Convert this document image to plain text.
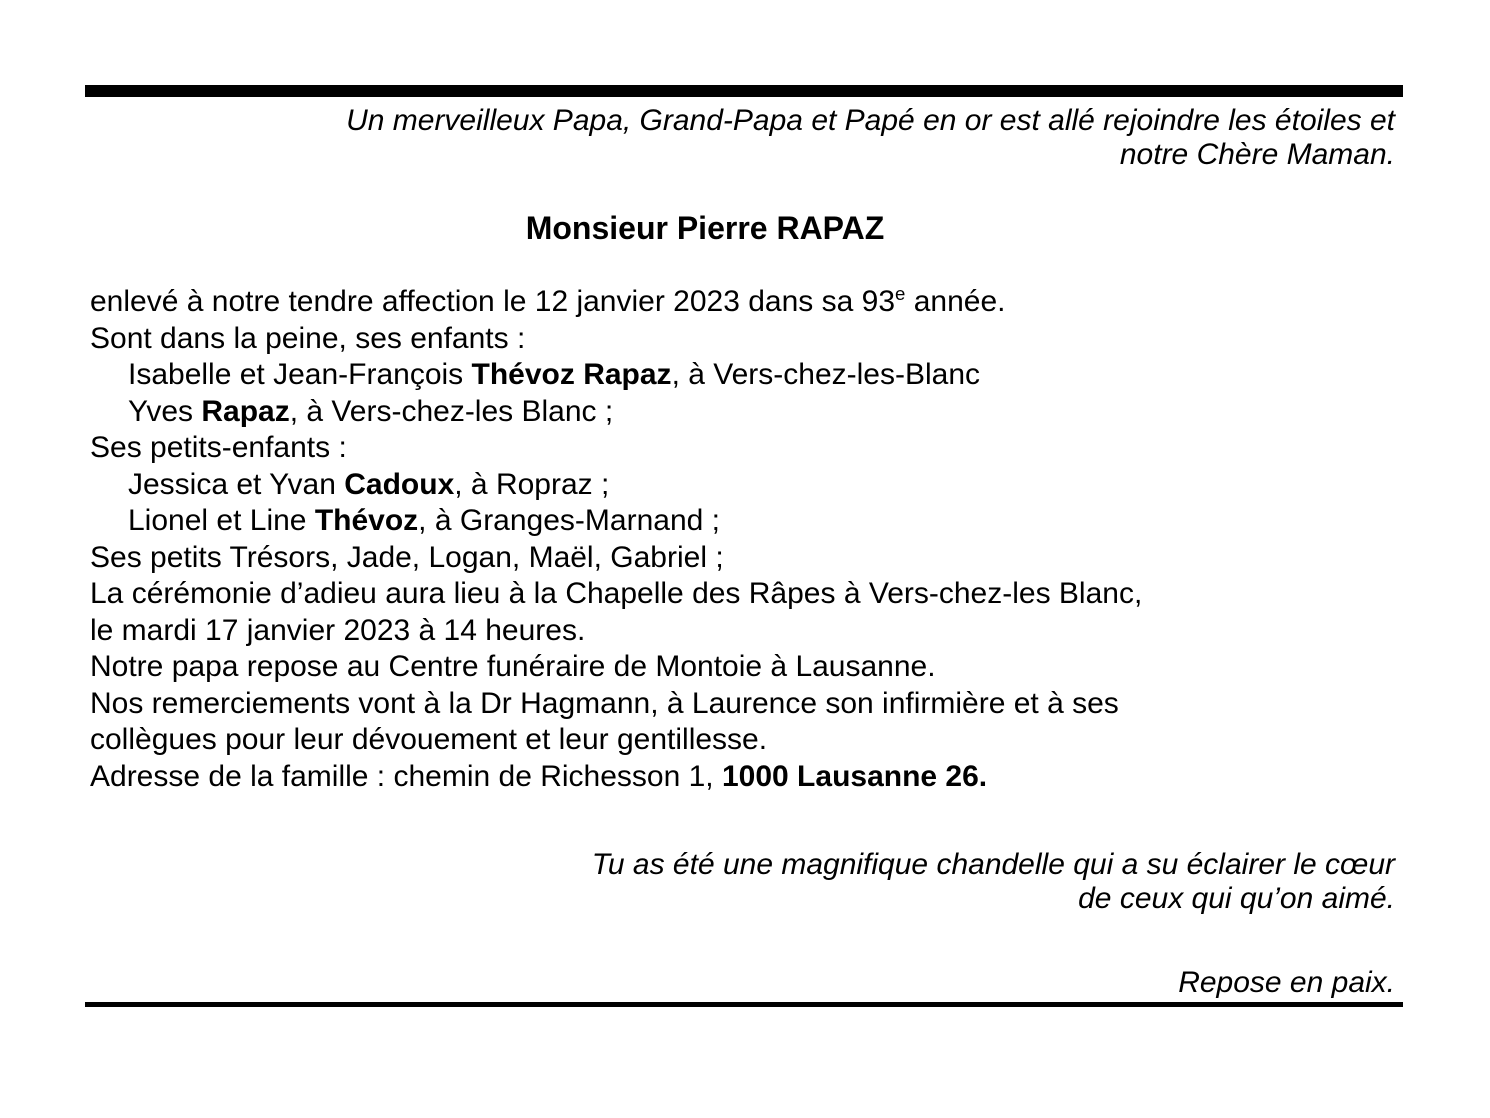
Un merveilleux Papa, Grand-Papa et Papé en or est allé rejoindre les étoiles et
notre Chère Maman.
Monsieur Pierre RAPAZ
enlevé à notre tendre affection le 12 janvier 2023 dans sa 93e année.
Sont dans la peine, ses enfants :
Isabelle et Jean-François Thévoz Rapaz, à Vers-chez-les-Blanc
Yves Rapaz, à Vers-chez-les Blanc ;
Ses petits-enfants :
Jessica et Yvan Cadoux, à Ropraz ;
Lionel et Line Thévoz, à Granges-Marnand ;
Ses petits Trésors, Jade, Logan, Maël, Gabriel ;
La cérémonie d’adieu aura lieu à la Chapelle des Râpes à Vers-chez-les Blanc,
le mardi 17 janvier 2023 à 14 heures.
Notre papa repose au Centre funéraire de Montoie à Lausanne.
Nos remerciements vont à la Dr Hagmann, à Laurence son infirmière et à ses
collègues pour leur dévouement et leur gentillesse.
Adresse de la famille : chemin de Richesson 1, 1000 Lausanne 26.
Tu as été une magnifique chandelle qui a su éclairer le cœur
de ceux qui qu’on aimé.
Repose en paix.
